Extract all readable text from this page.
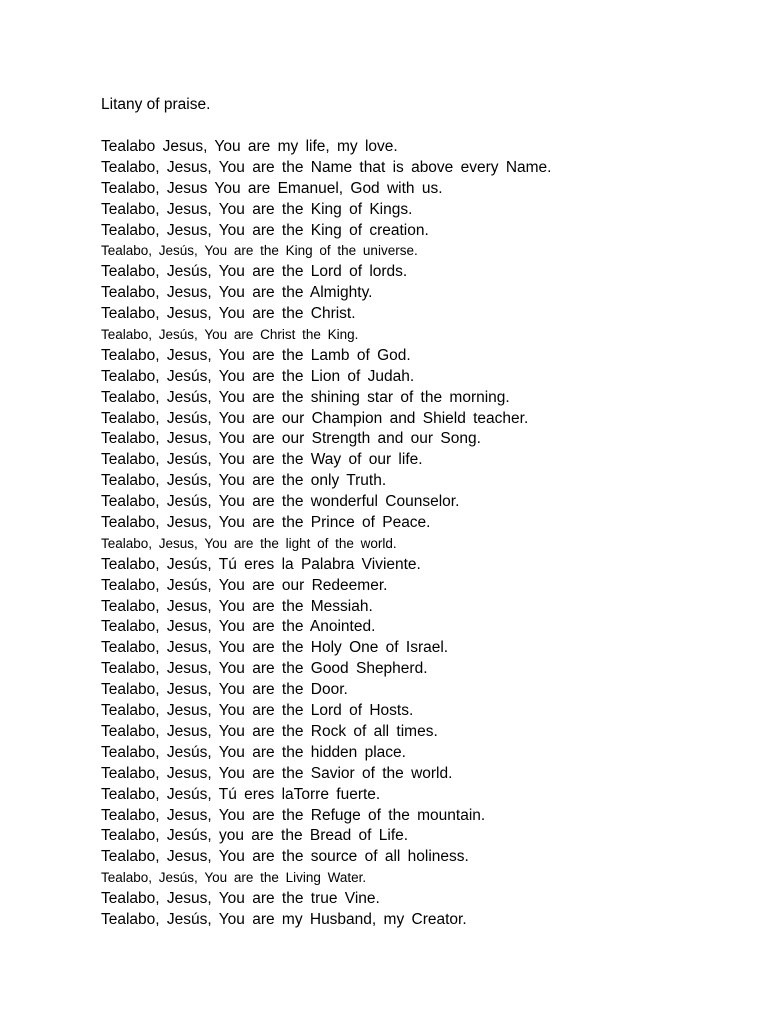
Litany of praise.
Tealabo Jesus, You are my life, my love.
Tealabo, Jesus, You are the Name that is above every Name.
Tealabo, Jesus You are Emanuel, God with us.
Tealabo, Jesus, You are the King of Kings.
Tealabo, Jesus, You are the King of creation.
Tealabo, Jesús, You are the King of the universe.
Tealabo, Jesús, You are the Lord of lords.
Tealabo, Jesus, You are the Almighty.
Tealabo, Jesus, You are the Christ.
Tealabo, Jesús, You are Christ the King.
Tealabo, Jesus, You are the Lamb of God.
Tealabo, Jesús, You are the Lion of Judah.
Tealabo, Jesús, You are the shining star of the morning.
Tealabo, Jesús, You are our Champion and Shield teacher.
Tealabo, Jesus, You are our Strength and our Song.
Tealabo, Jesús, You are the Way of our life.
Tealabo, Jesús, You are the only Truth.
Tealabo, Jesús, You are the wonderful Counselor.
Tealabo, Jesus, You are the Prince of Peace.
Tealabo, Jesus, You are the light of the world.
Tealabo, Jesús, Tú eres la Palabra Viviente.
Tealabo, Jesús, You are our Redeemer.
Tealabo, Jesus, You are the Messiah.
Tealabo, Jesus, You are the Anointed.
Tealabo, Jesus, You are the Holy One of Israel.
Tealabo, Jesus, You are the Good Shepherd.
Tealabo, Jesus, You are the Door.
Tealabo, Jesus, You are the Lord of Hosts.
Tealabo, Jesus, You are the Rock of all times.
Tealabo, Jesús, You are the hidden place.
Tealabo, Jesus, You are the Savior of the world.
Tealabo, Jesús, Tú eres laTorre fuerte.
Tealabo, Jesus, You are the Refuge of the mountain.
Tealabo, Jesús, you are the Bread of Life.
Tealabo, Jesus, You are the source of all holiness.
Tealabo, Jesús, You are the Living Water.
Tealabo, Jesus, You are the true Vine.
Tealabo, Jesús, You are my Husband, my Creator.
